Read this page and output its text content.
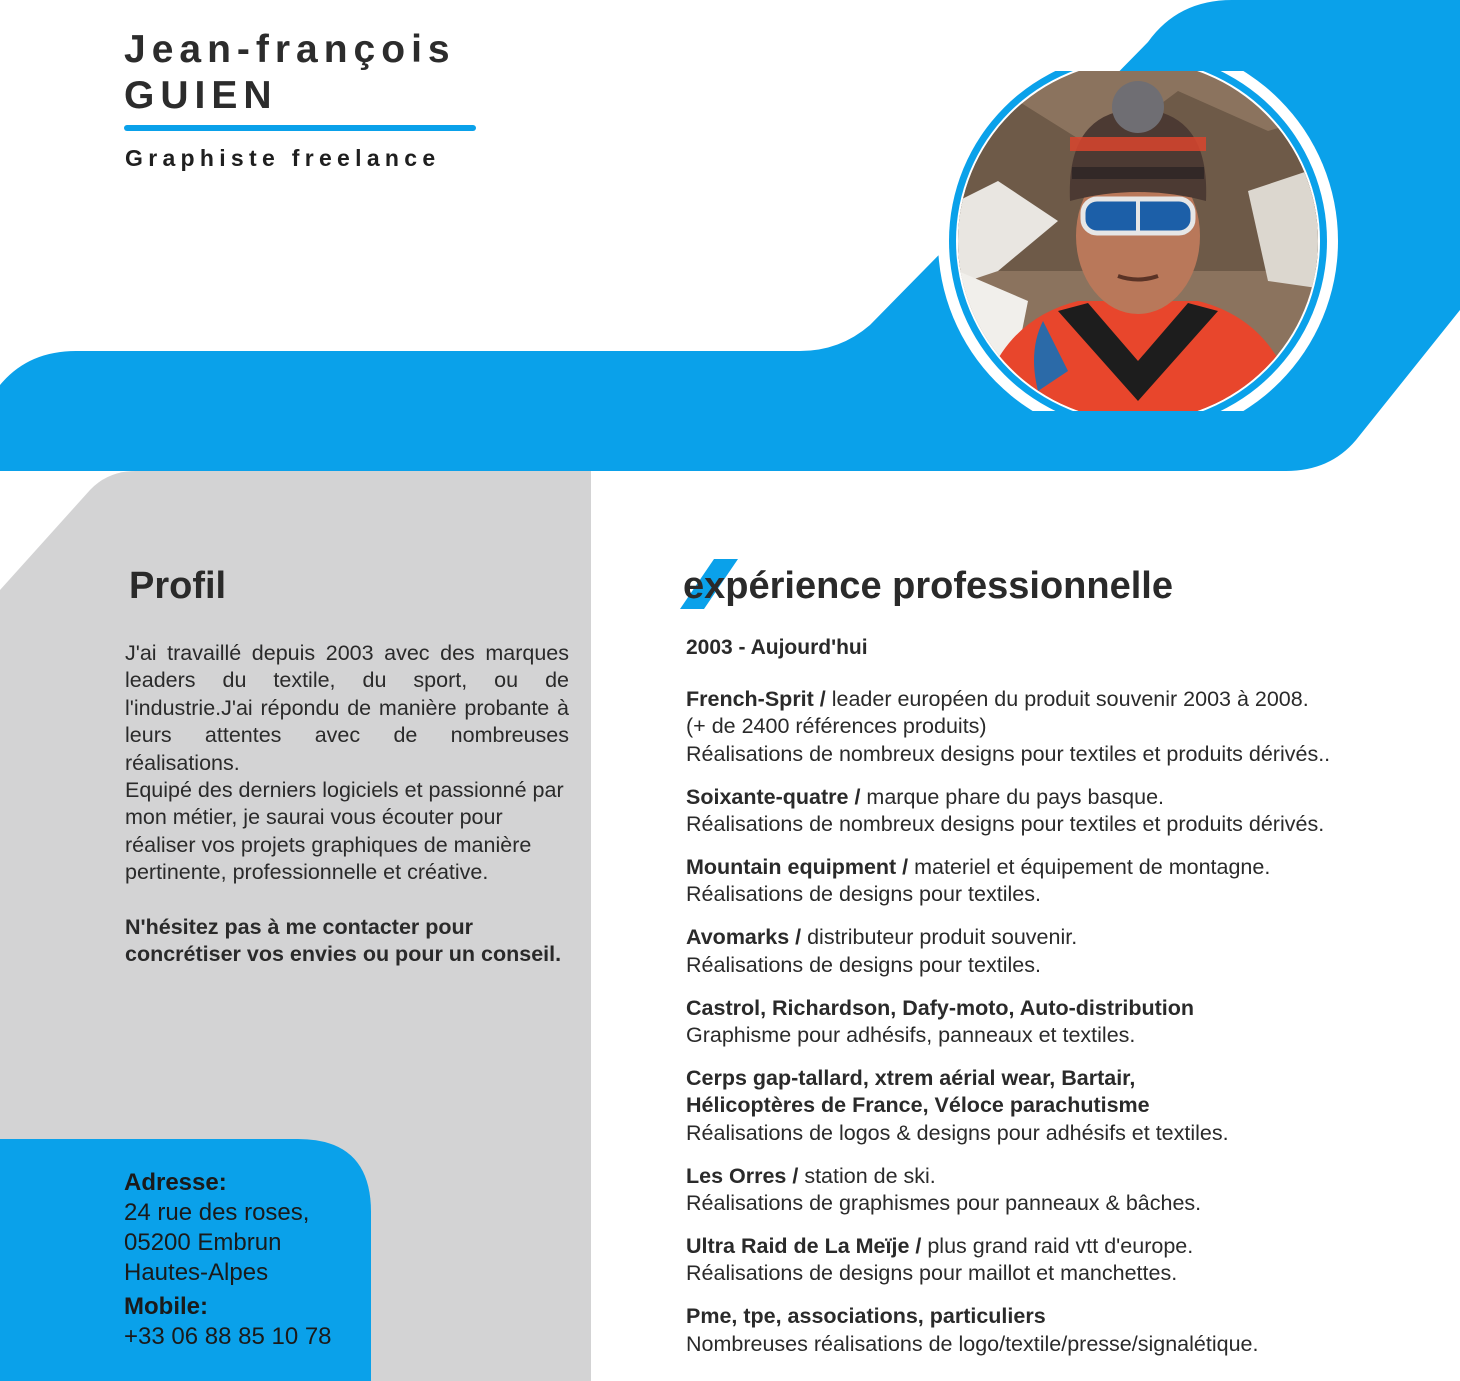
Jean-françois
GUIEN
Graphiste freelance
Profil

J'ai travaillé depuis 2003 avec des marques leaders du textile, du sport, ou de l'industrie.J'ai répondu de manière probante à leurs attentes avec de nombreuses réalisations.

Equipé des derniers logiciels et passionné par mon métier, je saurai vous écouter pour réaliser vos projets graphiques de manière pertinente, professionnelle et créative.

N'hésitez pas à me contacter pour concrétiser vos envies ou pour un conseil.

Adresse:
24 rue des roses,
05200 Embrun
Hautes-Alpes
Mobile:
+33 06 88 85 10 78
expérience professionnelle
2003 - Aujourd'hui
French-Sprit / leader européen du produit souvenir 2003 à 2008.
(+ de 2400 références produits)
Réalisations de nombreux designs pour textiles et produits dérivés..
Soixante-quatre / marque phare du pays basque.
Réalisations de nombreux designs pour textiles et produits dérivés.
Mountain equipment / materiel et équipement de montagne.
Réalisations de designs pour textiles.
Avomarks / distributeur produit souvenir.
Réalisations de designs pour textiles.
Castrol, Richardson, Dafy-moto, Auto-distribution
Graphisme pour adhésifs, panneaux et textiles.
Cerps gap-tallard, xtrem aérial wear, Bartair,
Hélicoptères de France, Véloce parachutisme
Réalisations de logos & designs pour adhésifs et textiles.
Les Orres / station de ski.
Réalisations de graphismes pour panneaux & bâches.
Ultra Raid de La Meïje / plus grand raid vtt d'europe.
Réalisations de designs pour maillot et manchettes.
Pme, tpe, associations, particuliers
Nombreuses réalisations de logo/textile/presse/signalétique.
